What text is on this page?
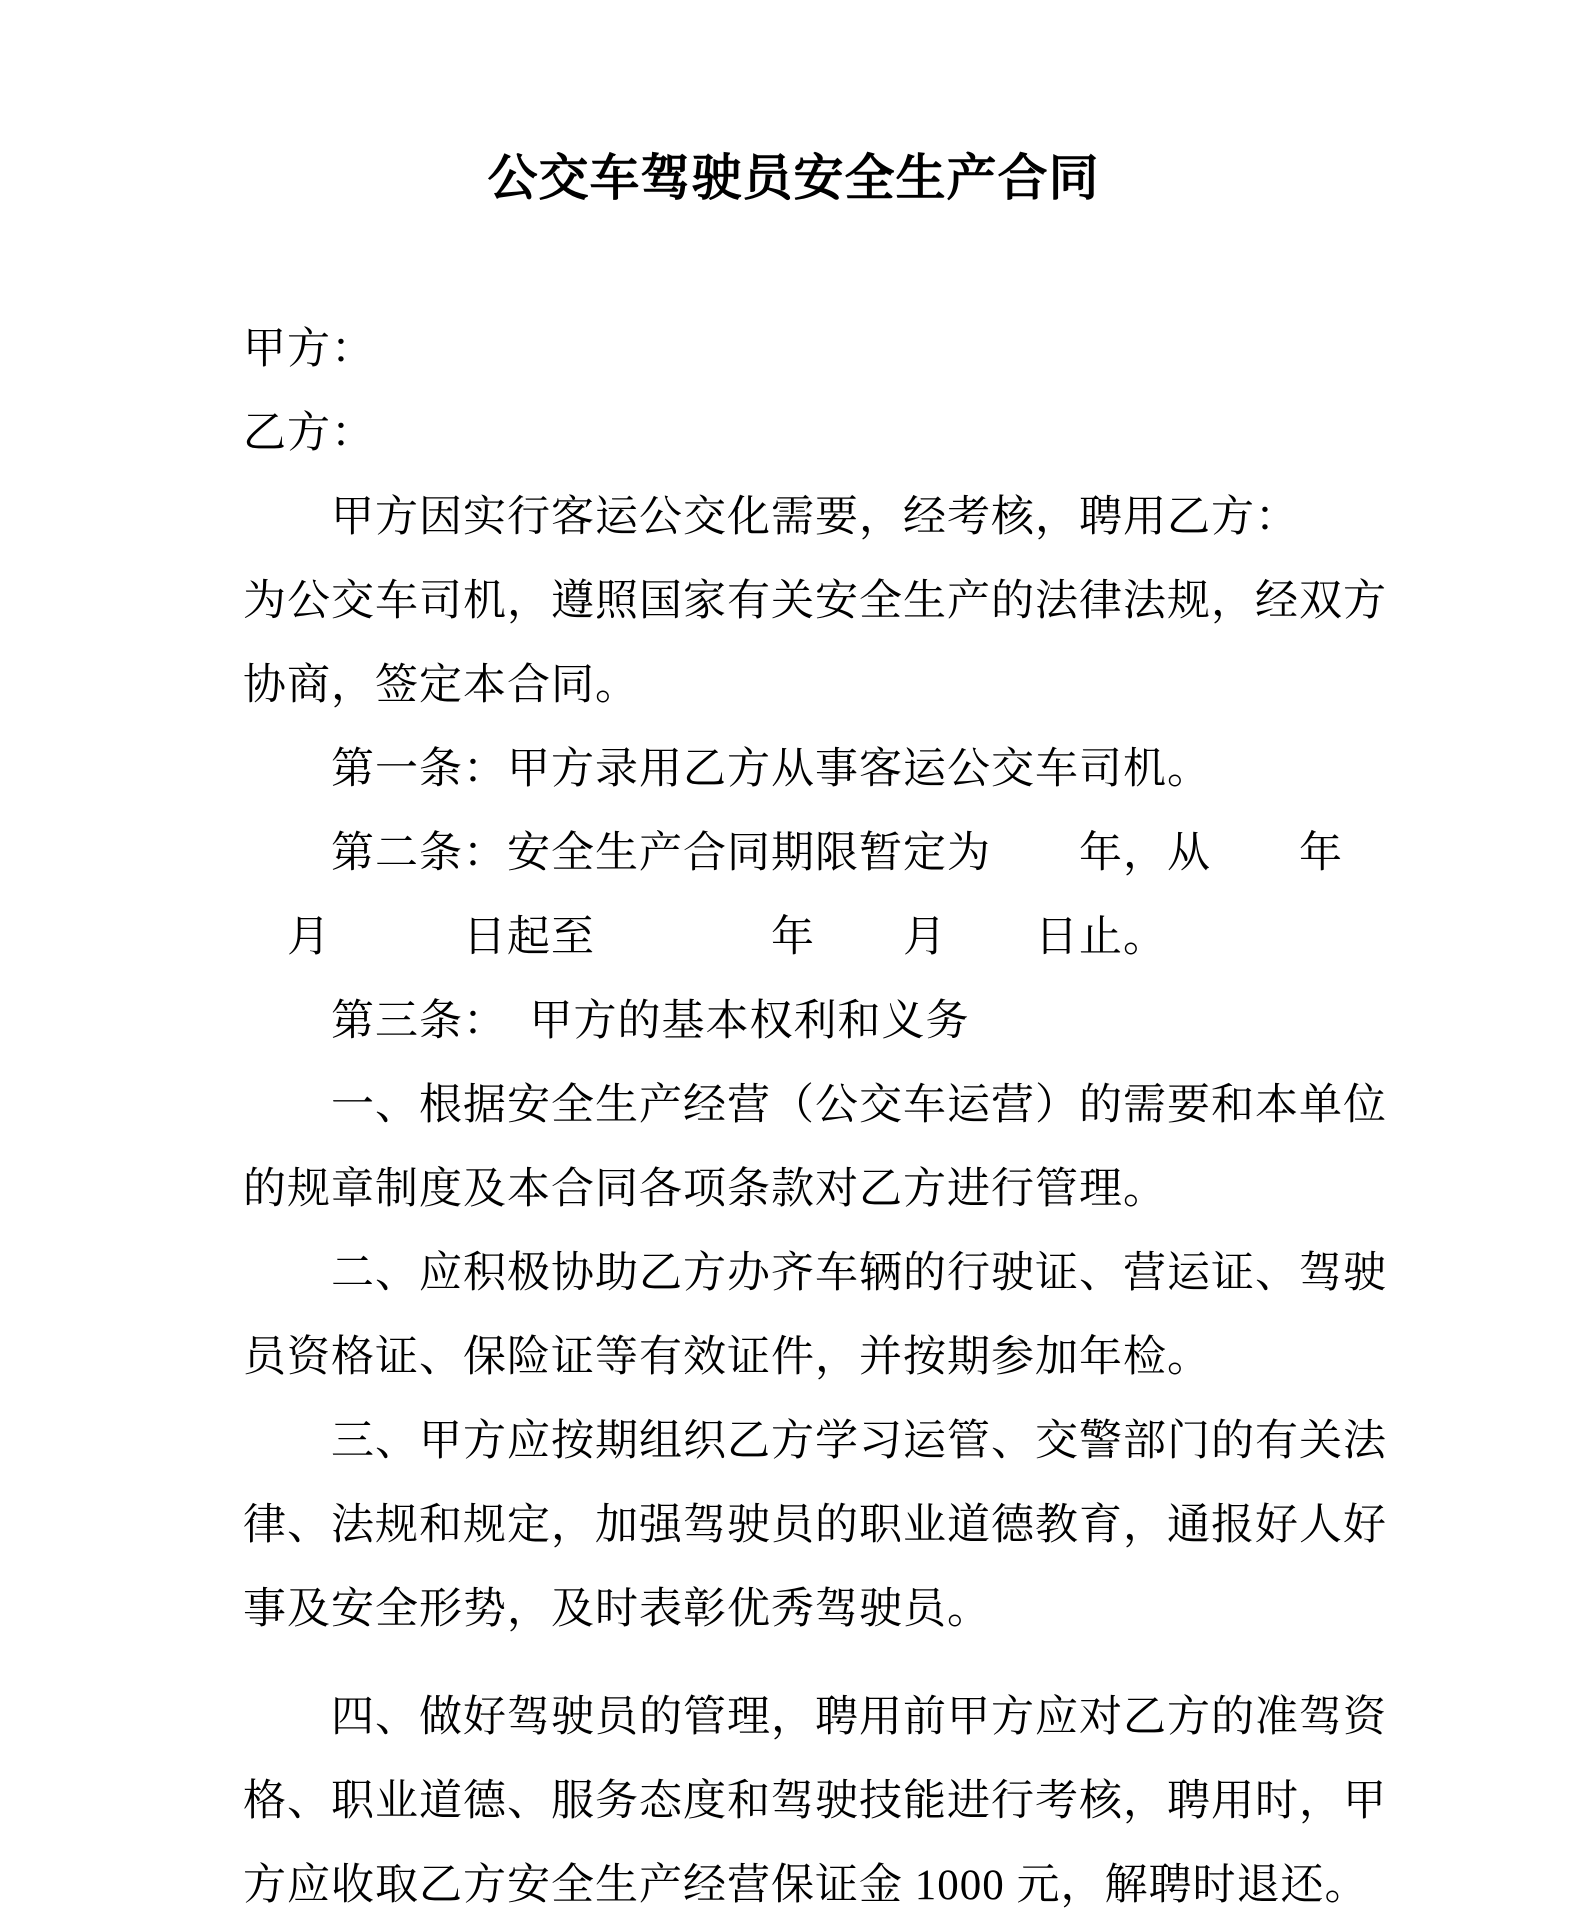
公交车驾驶员安全生产合同
甲方：
乙方：
　　甲方因实行客运公交化需要，经考核，聘用乙方：
为公交车司机，遵照国家有关安全生产的法律法规，经双方
协商，签定本合同。
　　第一条：甲方录用乙方从事客运公交车司机。
　　第二条：安全生产合同期限暂定为　　年，从　　年
　月　　　日起至　　　　年　　月　　日止。
　　第三条：　甲方的基本权利和义务
　　一、根据安全生产经营（公交车运营）的需要和本单位
的规章制度及本合同各项条款对乙方进行管理。
　　二、应积极协助乙方办齐车辆的行驶证、营运证、驾驶
员资格证、保险证等有效证件，并按期参加年检。
　　三、甲方应按期组织乙方学习运管、交警部门的有关法
律、法规和规定，加强驾驶员的职业道德教育，通报好人好
事及安全形势，及时表彰优秀驾驶员。
　　四、做好驾驶员的管理，聘用前甲方应对乙方的准驾资
格、职业道德、服务态度和驾驶技能进行考核，聘用时，甲
方应收取乙方安全生产经营保证金 1000 元，解聘时退还。
